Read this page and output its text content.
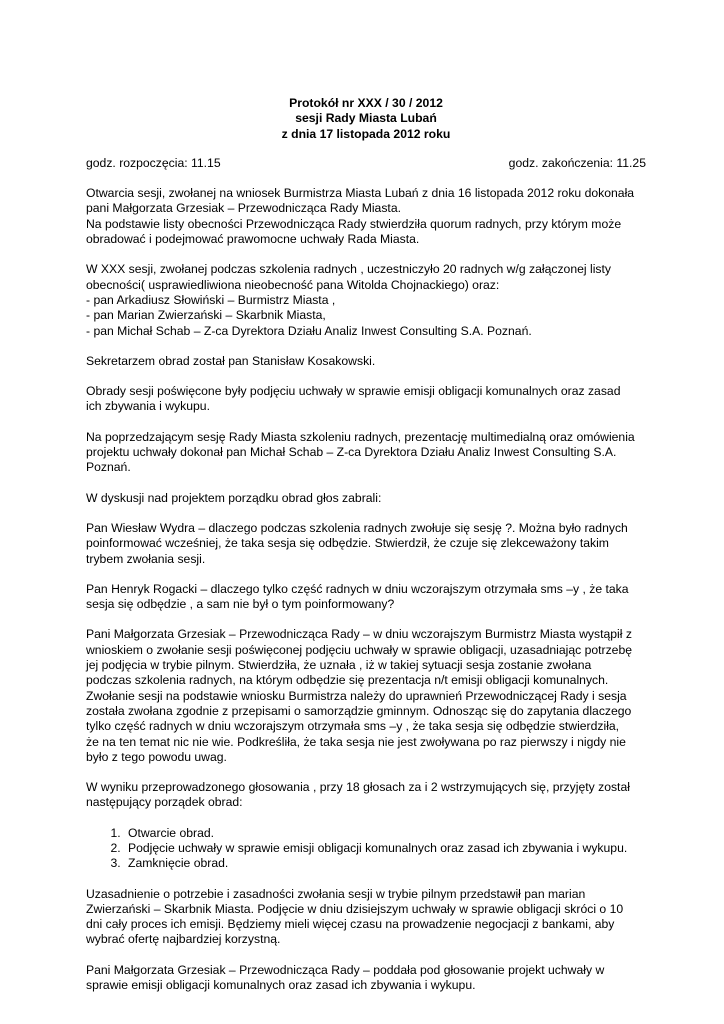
Protokół nr XXX / 30 / 2012
sesji Rady Miasta Lubań
z dnia 17 listopada 2012 roku
godz. rozpoczęcia: 11.15	godz. zakończenia: 11.25

Otwarcia sesji, zwołanej na wniosek Burmistrza Miasta Lubań z dnia 16 listopada 2012 roku dokonała
pani Małgorzata Grzesiak – Przewodnicząca Rady Miasta.
Na podstawie listy obecności Przewodnicząca Rady stwierdziła quorum radnych, przy którym może
obradować i podejmować prawomocne uchwały Rada Miasta.

W XXX sesji, zwołanej podczas szkolenia radnych , uczestniczyło 20 radnych w/g załączonej listy
obecności( usprawiedliwiona nieobecność pana Witolda Chojnackiego) oraz:
- pan Arkadiusz Słowiński – Burmistrz Miasta ,
- pan Marian Zwierzański – Skarbnik Miasta,
- pan Michał Schab – Z-ca Dyrektora Działu Analiz Inwest Consulting S.A. Poznań.

Sekretarzem obrad został pan Stanisław Kosakowski.

Obrady sesji poświęcone były podjęciu uchwały w sprawie emisji obligacji komunalnych oraz zasad
ich zbywania i wykupu.

Na poprzedzającym sesję Rady Miasta szkoleniu radnych, prezentację multimedialną oraz omówienia
projektu uchwały dokonał pan Michał Schab – Z-ca Dyrektora Działu Analiz Inwest Consulting S.A.
Poznań.

W dyskusji nad projektem porządku obrad głos zabrali:

Pan Wiesław Wydra – dlaczego podczas szkolenia radnych zwołuje się sesję ?. Można było radnych
poinformować wcześniej, że taka sesja się odbędzie. Stwierdził, że czuje się zlekceważony takim
trybem zwołania sesji.

Pan Henryk Rogacki – dlaczego tylko część radnych w dniu wczorajszym otrzymała sms –y , że taka
sesja się odbędzie , a sam nie był o tym poinformowany?

Pani Małgorzata Grzesiak – Przewodnicząca Rady – w dniu wczorajszym Burmistrz Miasta wystąpił z
wnioskiem o zwołanie sesji poświęconej podjęciu uchwały w sprawie obligacji, uzasadniając potrzebę
jej podjęcia w trybie pilnym. Stwierdziła, że uznała , iż w takiej sytuacji sesja zostanie zwołana
podczas szkolenia radnych, na którym odbędzie się prezentacja n/t emisji obligacji komunalnych.
Zwołanie sesji na podstawie wniosku Burmistrza należy do uprawnień Przewodniczącej Rady i sesja
została zwołana zgodnie z przepisami o samorządzie gminnym. Odnosząc się do zapytania dlaczego
tylko część radnych w dniu wczorajszym otrzymała sms –y , że taka sesja się odbędzie stwierdziła,
że na ten temat nic nie wie. Podkreśliła, że taka sesja nie jest zwoływana po raz pierwszy i nigdy nie
było z tego powodu uwag.

W wyniku przeprowadzonego głosowania , przy 18 głosach za i 2 wstrzymujących się, przyjęty został
następujący porządek obrad:

1. Otwarcie obrad.
2. Podjęcie uchwały w sprawie emisji obligacji komunalnych oraz zasad ich zbywania i wykupu.
3. Zamknięcie obrad.

Uzasadnienie o potrzebie i zasadności zwołania sesji w trybie pilnym przedstawił pan marian
Zwierzański – Skarbnik Miasta. Podjęcie w dniu dzisiejszym uchwały w sprawie obligacji skróci o 10
dni cały proces ich emisji. Będziemy mieli więcej czasu na prowadzenie negocjacji z bankami, aby
wybrać ofertę najbardziej korzystną.

Pani Małgorzata Grzesiak – Przewodnicząca Rady – poddała pod głosowanie projekt uchwały w
sprawie emisji obligacji komunalnych oraz zasad ich zbywania i wykupu.
